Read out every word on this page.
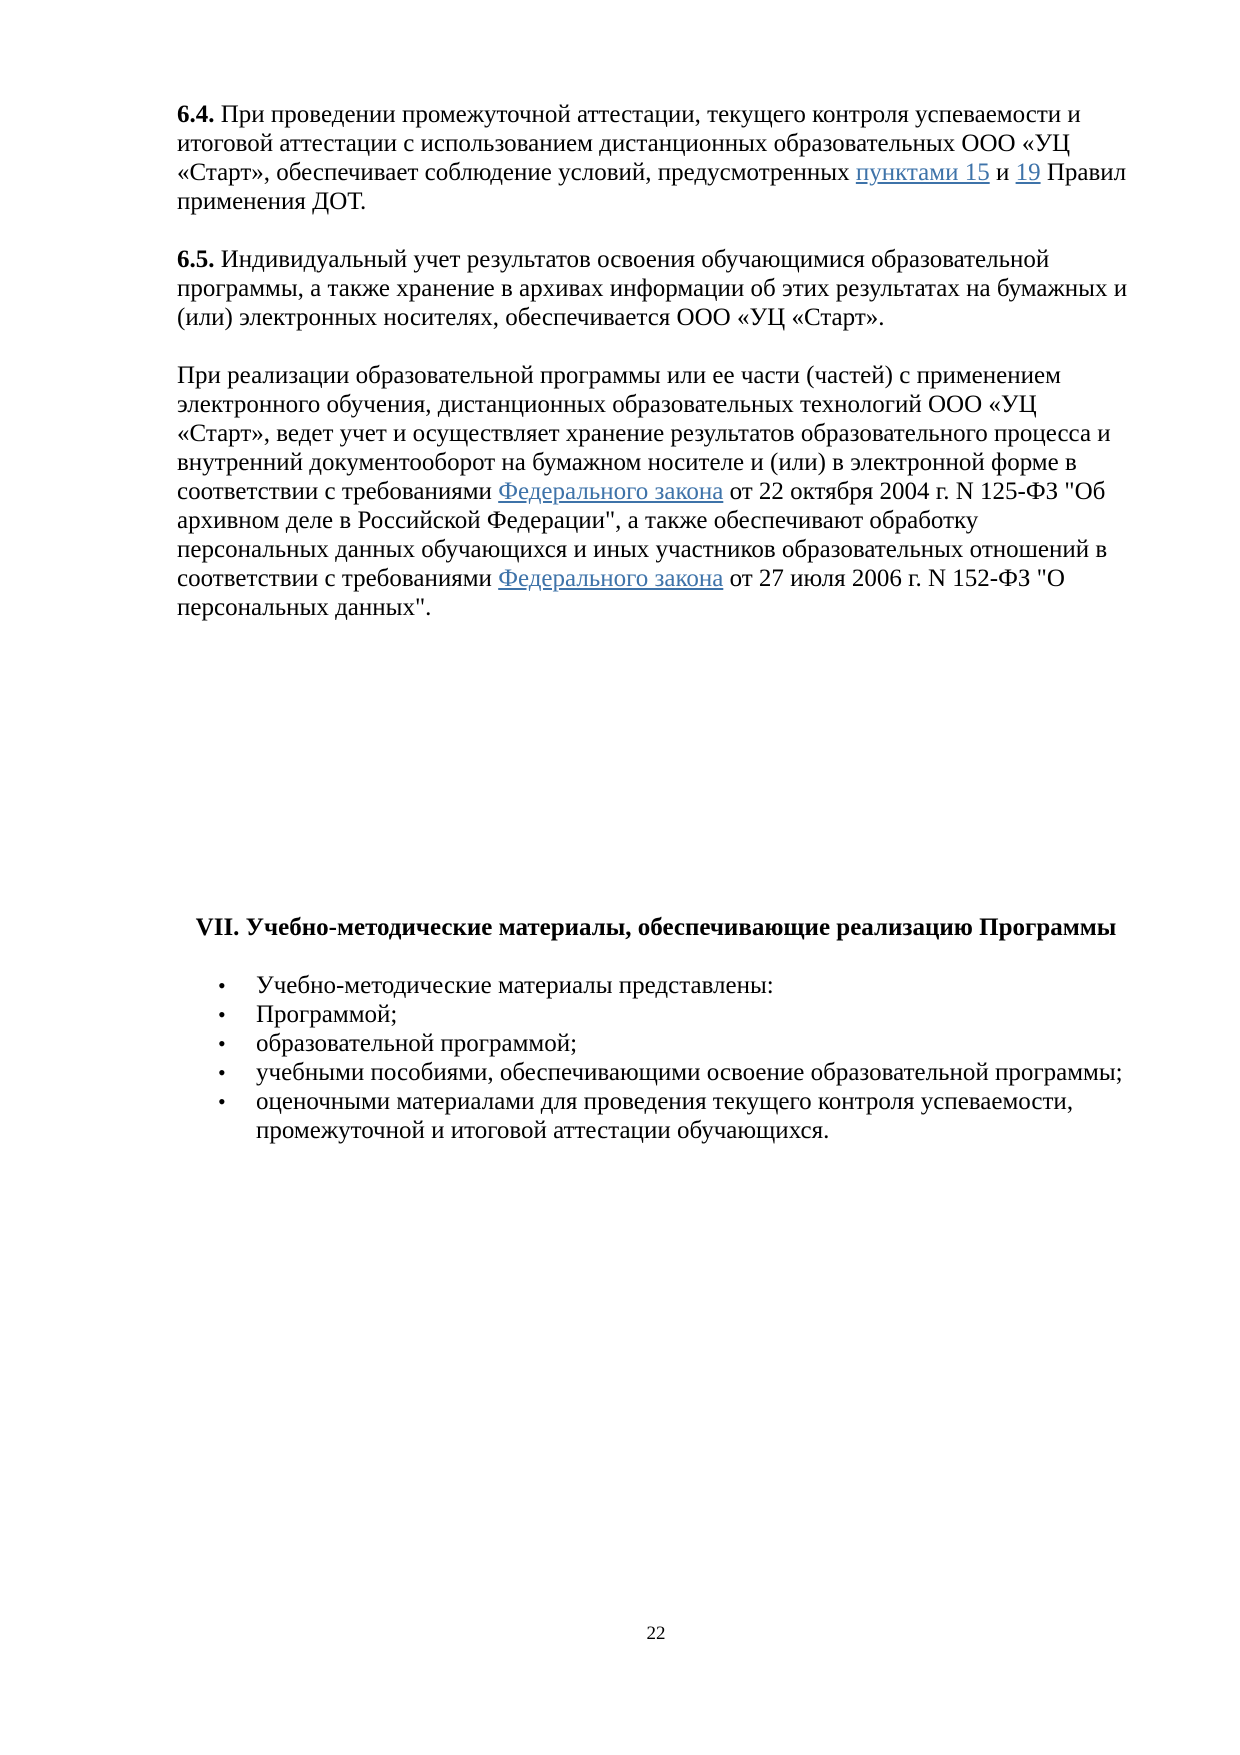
6.4. При проведении промежуточной аттестации, текущего контроля успеваемости и итоговой аттестации с использованием дистанционных образовательных ООО «УЦ «Старт», обеспечивает соблюдение условий, предусмотренных пунктами 15 и 19 Правил применения ДОТ.

6.5. Индивидуальный учет результатов освоения обучающимися образовательной программы, а также хранение в архивах информации об этих результатах на бумажных и (или) электронных носителях, обеспечивается ООО «УЦ «Старт».

При реализации образовательной программы или ее части (частей) с применением электронного обучения, дистанционных образовательных технологий ООО «УЦ «Старт», ведет учет и осуществляет хранение результатов образовательного процесса и внутренний документооборот на бумажном носителе и (или) в электронной форме в соответствии с требованиями Федерального закона от 22 октября 2004 г. N 125-ФЗ "Об архивном деле в Российской Федерации", а также обеспечивают обработку персональных данных обучающихся и иных участников образовательных отношений в соответствии с требованиями Федерального закона от 27 июля 2006 г. N 152-ФЗ "О персональных данных".

VII. Учебно-методические материалы, обеспечивающие реализацию Программы
•	Учебно-методические материалы представлены:
•	Программой;
•	образовательной программой;
•	учебными пособиями, обеспечивающими освоение образовательной программы;
•	оценочными материалами для проведения текущего контроля успеваемости, промежуточной и итоговой аттестации обучающихся.
22
